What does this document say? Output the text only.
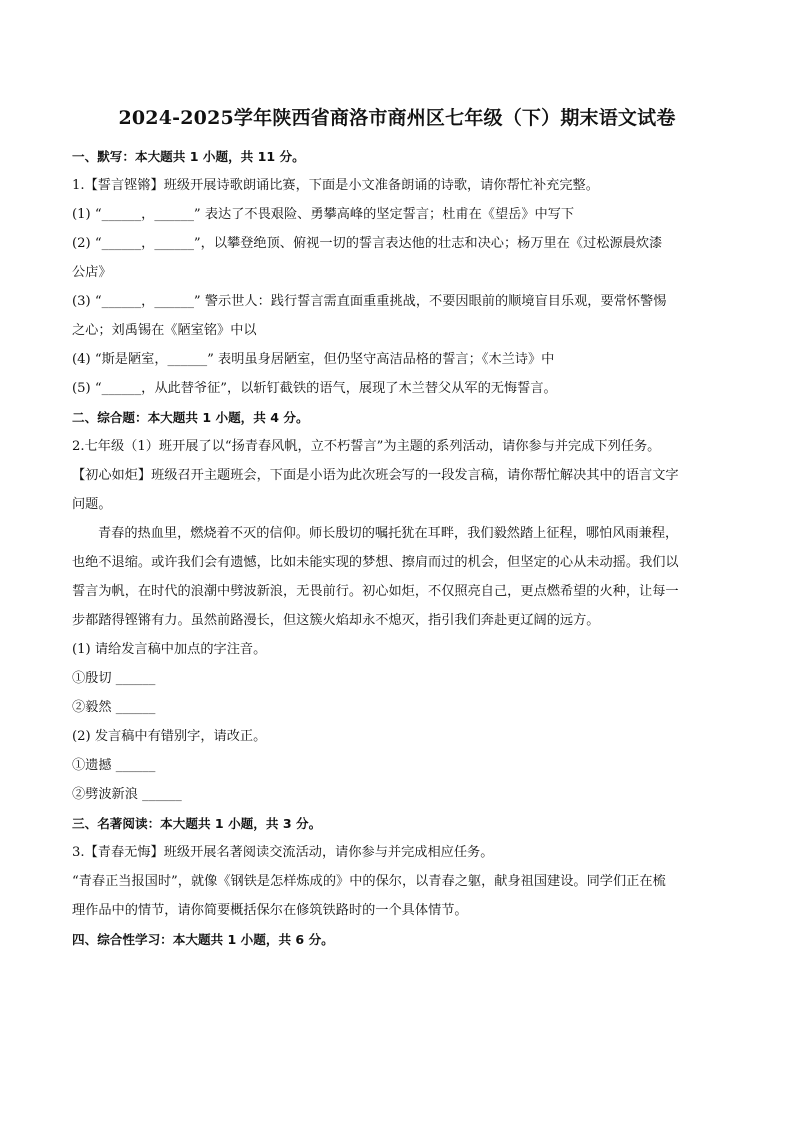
2024-2025学年陕西省商洛市商州区七年级（下）期末语文试卷
一、默写：本大题共 1 小题，共 11 分。
1.【誓言铿锵】班级开展诗歌朗诵比赛，下面是小文准备朗诵的诗歌，请你帮忙补充完整。
(1) “______，______” 表达了不畏艰险、勇攀高峰的坚定誓言；杜甫在《望岳》中写下
(2) “______，______”，以攀登绝顶、俯视一切的誓言表达他的壮志和决心；杨万里在《过松源晨炊漆
公店》
(3) “______，______” 警示世人：践行誓言需直面重重挑战，不要因眼前的顺境盲目乐观，要常怀警惕
之心；刘禹锡在《陋室铭》中以
(4) “斯是陋室，______” 表明虽身居陋室，但仍坚守高洁品格的誓言；《木兰诗》中
(5) “______，从此替爷征”，以斩钉截铁的语气，展现了木兰替父从军的无悔誓言。
二、综合题：本大题共 1 小题，共 4 分。
2.七年级（1）班开展了以“扬青春风帆，立不朽誓言”为主题的系列活动，请你参与并完成下列任务。
【初心如炬】班级召开主题班会，下面是小语为此次班会写的一段发言稿，请你帮忙解决其中的语言文字
问题。
青春的热血里，燃烧着不灭的信仰。师长殷切的嘱托犹在耳畔，我们毅然踏上征程，哪怕风雨兼程，
也绝不退缩。或许我们会有遗憾，比如未能实现的梦想、擦肩而过的机会，但坚定的心从未动摇。我们以
誓言为帆，在时代的浪潮中劈波新浪，无畏前行。初心如炬，不仅照亮自己，更点燃希望的火种，让每一
步都踏得铿锵有力。虽然前路漫长，但这簇火焰却永不熄灭，指引我们奔赴更辽阔的远方。
(1) 请给发言稿中加点的字注音。
①殷切 ______
②毅然 ______
(2) 发言稿中有错别字，请改正。
①遗撼 ______
②劈波新浪 ______
三、名著阅读：本大题共 1 小题，共 3 分。
3.【青春无悔】班级开展名著阅读交流活动，请你参与并完成相应任务。
“青春正当报国时”，就像《钢铁是怎样炼成的》中的保尔，以青春之躯，献身祖国建设。同学们正在梳
理作品中的情节，请你简要概括保尔在修筑铁路时的一个具体情节。
四、综合性学习：本大题共 1 小题，共 6 分。
